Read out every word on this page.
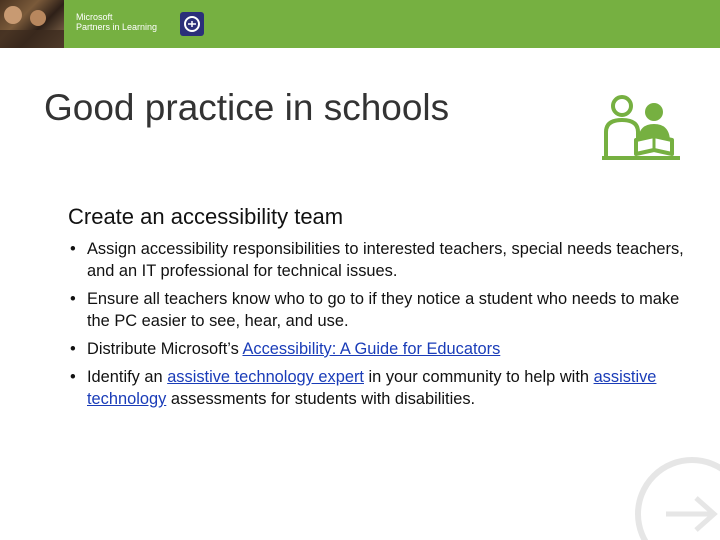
Microsoft
Partners in Learning
Good practice in schools
Create an accessibility team
• Assign accessibility responsibilities to interested teachers, special needs teachers, and an IT professional for technical issues.
• Ensure all teachers know who to go to if they notice a student who needs to make the PC easier to see, hear, and use.
• Distribute Microsoft’s Accessibility: A Guide for Educators
• Identify an assistive technology expert in your community to help with assistive technology assessments for students with disabilities.
